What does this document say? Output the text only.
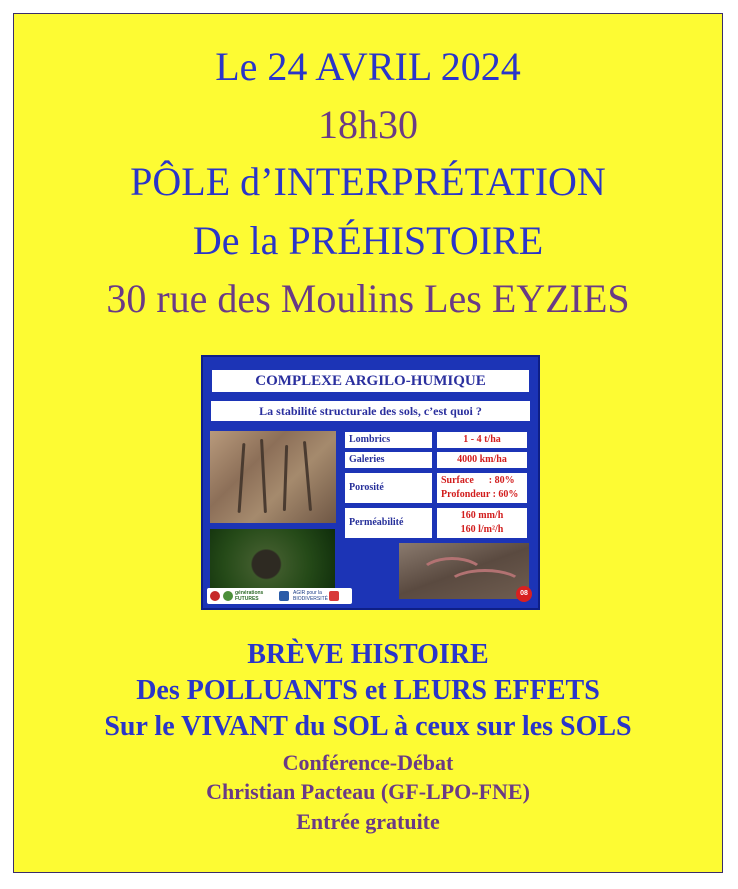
Le 24 AVRIL 2024
18h30
PÔLE d’INTERPRÉTATION
De la PRÉHISTOIRE
30 rue des Moulins Les EYZIES
COMPLEXE ARGILO-HUMIQUE
La stabilité structurale des sols, c’est quoi ?
Lombrics	1 - 4 t/ha
Galeries	4000 km/ha
Porosité
Surface      : 80%
Profondeur : 60%
Perméabilité
160 mm/h
160 l/m²/h
générations
FUTURES
AGIR pour la
BIODIVERSITÉ
08
BRÈVE HISTOIRE
Des POLLUANTS et LEURS EFFETS
Sur le VIVANT du SOL à ceux sur les SOLS
Conférence-Débat
Christian Pacteau (GF-LPO-FNE)
Entrée gratuite
